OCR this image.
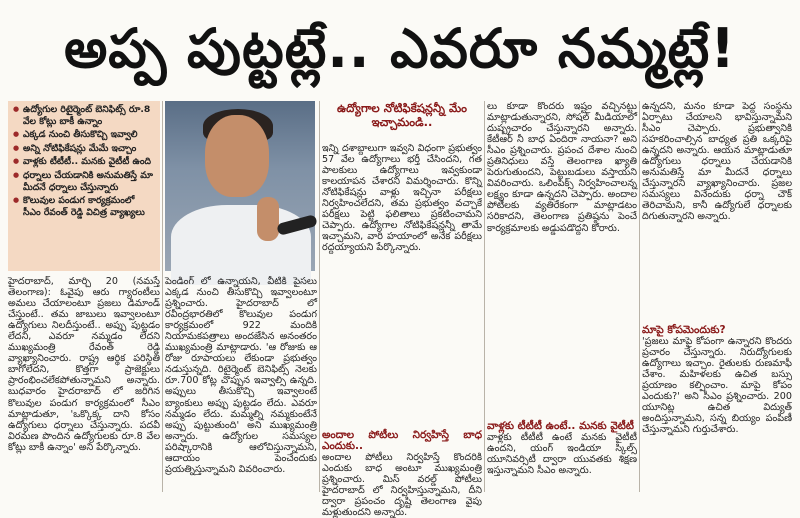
అప్ప పుట్టట్లే.. ఎవరూ నమ్మట్లే!
● ఉద్యోగుల రిటైర్మెంట్ బెనిఫిట్స్ రూ.8 వేల కోట్లు బాకీ ఉన్నాం
● ఎక్కడ నుంచి తీసుకొచ్చి ఇవ్వాలి
● అన్ని నోటిఫికేషన్లు మేమే ఇచ్చాం
● వాళ్లకు టీటీటీ.. మనకు వైటీటీ ఉంది
● ధర్నాలు చేయడానికి అనుమతిస్తే మా మీదనే ధర్నాలు చేస్తున్నారు
● కొలువుల పండుగ కార్యక్రమంలో సీఎం రేవంత్ రెడ్డి విచిత్ర వ్యాఖ్యలు
ఉద్యోగాల నోటిఫికేషన్లన్నీ మేం ఇచ్చామండి..
హైదరాబాద్, మార్చి 20 (నమస్తే తెలంగాణ): ఓవైపు ఆరు గ్యారంటీలు అమలు చేయాలంటూ ప్రజలు డిమాండ్ చేస్తుంటే.. తమ జాబులు ఇవ్వాలంటూ ఉద్యోగులు నిలదీస్తుంటే.. అప్పు పుట్టడం లేదని, ఎవరూ నమ్మడం లేదని ముఖ్యమంత్రి రేవంత్ రెడ్డి వ్యాఖ్యానించారు. రాష్ట్ర ఆర్థిక పరిస్థితి బాగోలేదని, కొత్తగా ప్రాజెక్టులు ప్రారంభించలేకపోతున్నామని అన్నారు. బుధవారం హైదరాబాద్ లో జరిగిన కొలువుల పండుగ కార్యక్రమంలో సీఎం మాట్లాడుతూ, 'ఒక్కొక్క దాని కోసం ఉద్యోగులు ధర్నాలు చేస్తున్నారు. పదవీ విరమణ పొందిన ఉద్యోగులకు రూ.8 వేల కోట్లు బాకీ ఉన్నాం' అని పేర్కొన్నారు.
పెండింగ్ లో ఉన్నాయని, వీటికి పైసలు ఎక్కడ నుంచి తీసుకొచ్చి ఇవ్వాలంటూ ప్రశ్నించారు. హైదరాబాద్ లో రవీంద్రభారతిలో కొలువుల పండుగ కార్యక్రమంలో 922 మందికి నియామకపత్రాలు అందజేసిన అనంతరం ముఖ్యమంత్రి మాట్లాడారు. 'ఆ రోజుకు ఆ రోజు రూపాయలు లేకుండా ప్రభుత్వం నడుస్తున్నది. రిటైర్మెంట్ బెనిఫిట్స్ నెలకు రూ.700 కోట్ల చొప్పున ఇవ్వాల్సి ఉన్నది. అప్పులు తీసుకొచ్చి ఇవ్వాలంటే బ్యాంకులు అప్పు పుట్టడం లేదు. ఎవరూ నమ్మడం లేదు. మమ్మల్ని నమ్మకుంటేనే అప్పు పుట్టుతుంది' అని ముఖ్యమంత్రి అన్నారు. ఉద్యోగుల సమస్యల పరిష్కారానికి ఆలోచిస్తున్నామని, ఆదాయం పెంచేందుకు ప్రయత్నిస్తున్నామని వివరించారు.
ఇన్ని దశాబ్దాలుగా ఇవ్వని విధంగా ప్రభుత్వం 57 వేల ఉద్యోగాలు భర్తీ చేసిందని, గత పాలకులు ఉద్యోగాలు ఇవ్వకుండా కాలయాపన చేశారని విమర్శించారు. కొన్ని నోటిఫికేషన్లు వాళ్లు ఇచ్చినా పరీక్షలు నిర్వహించలేదని, తమ ప్రభుత్వం వచ్చాకే పరీక్షలు పెట్టి ఫలితాలు ప్రకటించామని చెప్పారు. ఉద్యోగాల నోటిఫికేషన్లన్నీ తామే ఇచ్చామని, వారి హయాంలో అనేక పరీక్షలు రద్దయ్యాయని పేర్కొన్నారు.
అందాల పోటీలు నిర్వహిస్తే బాధ ఎందుకు..
అందాల పోటీలు నిర్వహిస్తే కొందరికి ఎందుకు బాధ అంటూ ముఖ్యమంత్రి ప్రశ్నించారు. మిస్ వరల్డ్ పోటీలు హైదరాబాద్ లో నిర్వహిస్తున్నామని, దీని ద్వారా ప్రపంచం దృష్టి తెలంగాణ వైపు మళ్లుతుందని అన్నారు.
లు కూడా కొందరు ఇష్టం వచ్చినట్టు మాట్లాడుతున్నారని, సోషల్ మీడియాలో దుష్ప్రచారం చేస్తున్నారని అన్నారు. కేటీఆర్ నీ బాధ ఏందిరా నాయనా? అని సీఎం ప్రశ్నించారు. ప్రపంచ దేశాల నుంచి ప్రతినిధులు వస్తే తెలంగాణ ఖ్యాతి పెరుగుతుందని, పెట్టుబడులు వస్తాయని వివరించారు. ఒలింపిక్స్ నిర్వహించాలన్న లక్ష్యం కూడా ఉన్నదని చెప్పారు. అందాల పోటీలకు వ్యతిరేకంగా మాట్లాడటం సరికాదని, తెలంగాణ ప్రతిష్ఠను పెంచే కార్యక్రమాలకు అడ్డుపడొద్దని కోరారు.
వాళ్లకు టీటీటీ ఉంటే.. మనకు వైటీటీ
వాళ్లకు టీటీటీ ఉంటే మనకు వైటీటీ ఉందని, యంగ్ ఇండియా స్కిల్స్ యూనివర్సిటీ ద్వారా యువతకు శిక్షణ ఇస్తున్నామని సీఎం అన్నారు.
ఉన్నదని, మనం కూడా పెద్ద సంస్థను ఏర్పాటు చేయాలని భావిస్తున్నామని సీఎం చెప్పారు. ప్రభుత్వానికి సహకరించాల్సిన బాధ్యత ప్రతి ఒక్కరిపై ఉన్నదని అన్నారు. ఆయన మాట్లాడుతూ ఉద్యోగులు ధర్నాలు చేయడానికి అనుమతిస్తే మా మీదనే ధర్నాలు చేస్తున్నారని వ్యాఖ్యానించారు. ప్రజల సమస్యలు వినేందుకు ధర్నా చౌక్ తెరిచామని, కానీ ఉద్యోగులే ధర్నాలకు దిగుతున్నారని అన్నారు.
మాపై కోపమెందుకు?
'ప్రజలు మాపై కోపంగా ఉన్నారని కొందరు ప్రచారం చేస్తున్నారు. నిరుద్యోగులకు ఉద్యోగాలు ఇచ్చాం. రైతులకు రుణమాఫీ చేశాం. మహిళలకు ఉచిత బస్సు ప్రయాణం కల్పించాం. మాపై కోపం ఎందుకు?' అని సీఎం ప్రశ్నించారు. 200 యూనిట్ల ఉచిత విద్యుత్ అందిస్తున్నామని, సన్న బియ్యం పంపిణీ చేస్తున్నామని గుర్తుచేశారు.
